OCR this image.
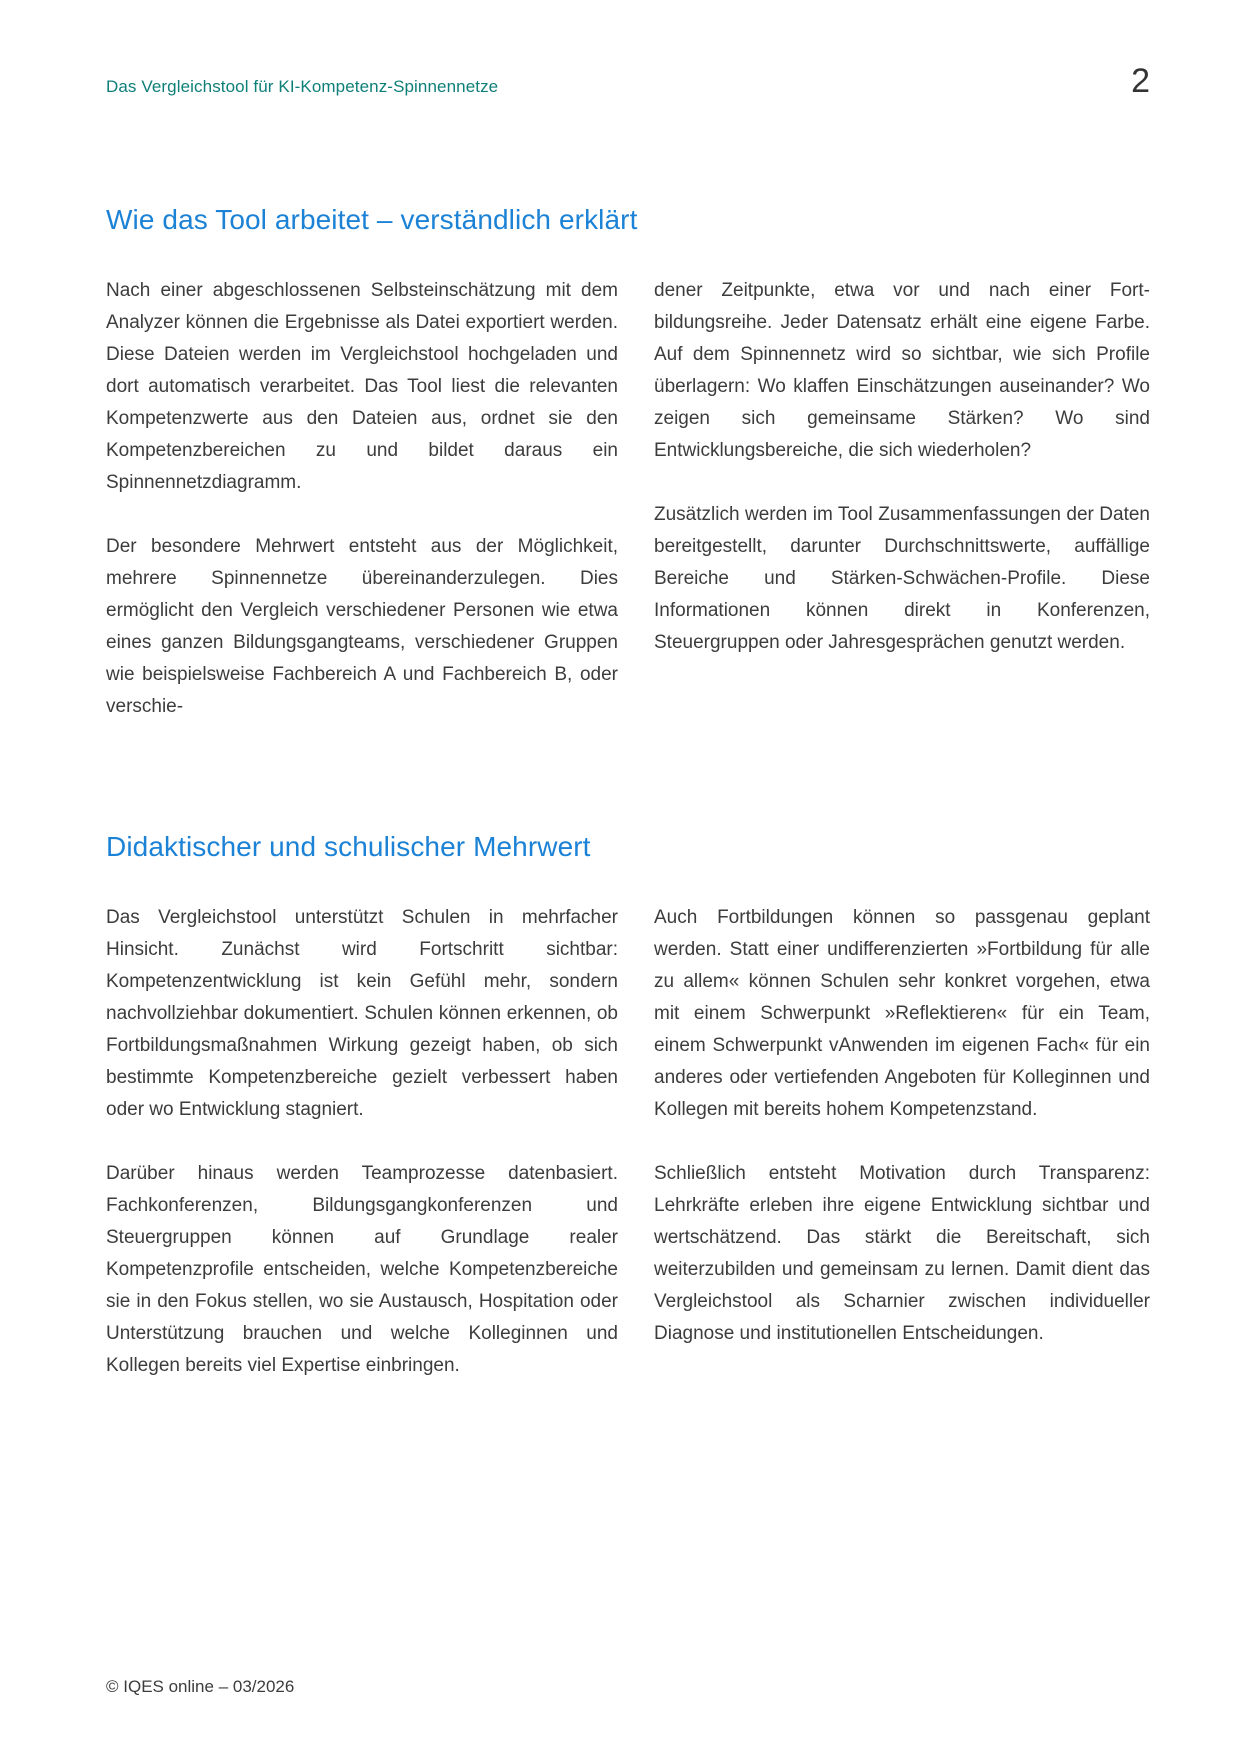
Das Vergleichstool für KI-Kompetenz-Spinnennetze	2
Wie das Tool arbeitet – verständlich erklärt

Nach einer abgeschlossenen Selbsteinschätzung mit dem Analyzer können die Ergebnisse als Datei exportiert werden. Diese Dateien werden im Vergleichstool hochgeladen und dort automatisch verarbeitet. Das Tool liest die relevanten Kompetenzwerte aus den Dateien aus, ordnet sie den Kompetenzbereichen zu und bildet daraus ein Spinnennetzdiagramm.

Der besondere Mehrwert entsteht aus der Möglichkeit, mehrere Spinnennetze übereinanderzulegen. Dies ermöglicht den Vergleich verschiedener Personen wie etwa eines ganzen Bildungsgangteams, verschiedener Gruppen wie beispielsweise Fachbereich A und Fachbereich B, oder verschie-

dener Zeitpunkte, etwa vor und nach einer Fortbildungsreihe. Jeder Datensatz erhält eine eigene Farbe. Auf dem Spinnennetz wird so sichtbar, wie sich Profile überlagern: Wo klaffen Einschätzungen auseinander? Wo zeigen sich gemeinsame Stärken? Wo sind Entwicklungsbereiche, die sich wiederholen?

Zusätzlich werden im Tool Zusammenfassungen der Daten bereitgestellt, darunter Durchschnittswerte, auffällige Bereiche und Stärken-Schwächen-Profile. Diese Informationen können direkt in Konferenzen, Steuergruppen oder Jahresgesprächen genutzt werden.

Didaktischer und schulischer Mehrwert

Das Vergleichstool unterstützt Schulen in mehrfacher Hinsicht. Zunächst wird Fortschritt sichtbar: Kompetenzentwicklung ist kein Gefühl mehr, sondern nachvollziehbar dokumentiert. Schulen können erkennen, ob Fortbildungsmaßnahmen Wirkung gezeigt haben, ob sich bestimmte Kompetenzbereiche gezielt verbessert haben oder wo Entwicklung stagniert.

Darüber hinaus werden Teamprozesse datenbasiert. Fachkonferenzen, Bildungsgangkonferenzen und Steuergruppen können auf Grundlage realer Kompetenzprofile entscheiden, welche Kompetenzbereiche sie in den Fokus stellen, wo sie Austausch, Hospitation oder Unterstützung brauchen und welche Kolleginnen und Kollegen bereits viel Expertise einbringen.

Auch Fortbildungen können so passgenau geplant werden. Statt einer undifferenzierten »Fortbildung für alle zu allem« können Schulen sehr konkret vorgehen, etwa mit einem Schwerpunkt »Reflektieren« für ein Team, einem Schwerpunkt vAnwenden im eigenen Fach« für ein anderes oder vertiefenden Angeboten für Kolleginnen und Kollegen mit bereits hohem Kompetenzstand.

Schließlich entsteht Motivation durch Transparenz: Lehrkräfte erleben ihre eigene Entwicklung sichtbar und wertschätzend. Das stärkt die Bereitschaft, sich weiterzubilden und gemeinsam zu lernen. Damit dient das Vergleichstool als Scharnier zwischen individueller Diagnose und institutionellen Entscheidungen.

© IQES online – 03/2026
